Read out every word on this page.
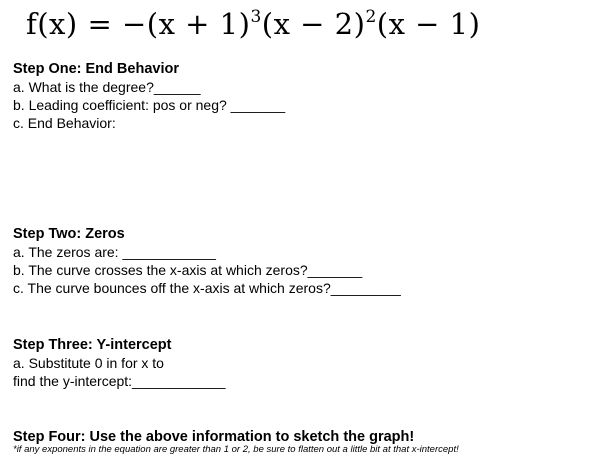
$f(x) = -(x + 1)^3(x - 2)^2(x - 1)$
Step One: End Behavior
a. What is the degree?______
b. Leading coefficient: pos or neg? _______
c. End Behavior:
Step Two: Zeros
a. The zeros are: ____________
b. The curve crosses the x-axis at which zeros?_______
c. The curve bounces off the x-axis at which zeros?_________
Step Three: Y-intercept
a. Substitute 0 in for x to
find the y-intercept:____________
Step Four: Use the above information to sketch the graph!
*if any exponents in the equation are greater than 1 or 2, be sure to flatten out a little bit at that x-intercept!
